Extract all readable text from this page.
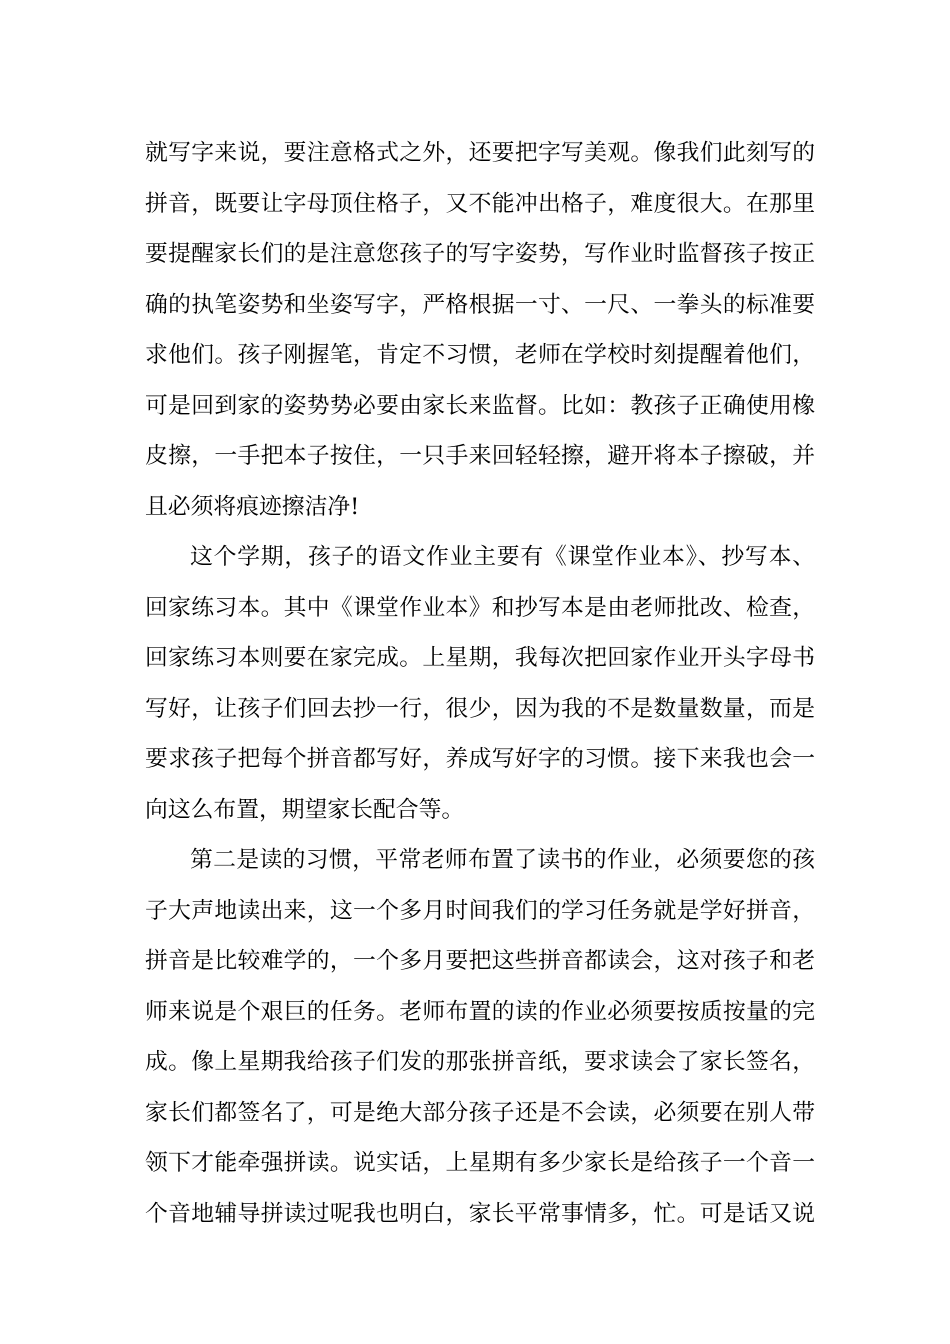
就写字来说，要注意格式之外，还要把字写美观。像我们此刻写的
拼音，既要让字母顶住格子，又不能冲出格子，难度很大。在那里
要提醒家长们的是注意您孩子的写字姿势，写作业时监督孩子按正
确的执笔姿势和坐姿写字，严格根据一寸、一尺、一拳头的标准要
求他们。孩子刚握笔，肯定不习惯，老师在学校时刻提醒着他们，
可是回到家的姿势势必要由家长来监督。比如：教孩子正确使用橡
皮擦，一手把本子按住，一只手来回轻轻擦，避开将本子擦破，并
且必须将痕迹擦洁净!
这个学期，孩子的语文作业主要有《课堂作业本》、抄写本、
回家练习本。其中《课堂作业本》和抄写本是由老师批改、检查，
回家练习本则要在家完成。上星期，我每次把回家作业开头字母书
写好，让孩子们回去抄一行，很少，因为我的不是数量数量，而是
要求孩子把每个拼音都写好，养成写好字的习惯。接下来我也会一
向这么布置，期望家长配合等。
第二是读的习惯，平常老师布置了读书的作业，必须要您的孩
子大声地读出来，这一个多月时间我们的学习任务就是学好拼音，
拼音是比较难学的，一个多月要把这些拼音都读会，这对孩子和老
师来说是个艰巨的任务。老师布置的读的作业必须要按质按量的完
成。像上星期我给孩子们发的那张拼音纸，要求读会了家长签名，
家长们都签名了，可是绝大部分孩子还是不会读，必须要在别人带
领下才能牵强拼读。说实话，上星期有多少家长是给孩子一个音一
个音地辅导拼读过呢我也明白，家长平常事情多，忙。可是话又说
